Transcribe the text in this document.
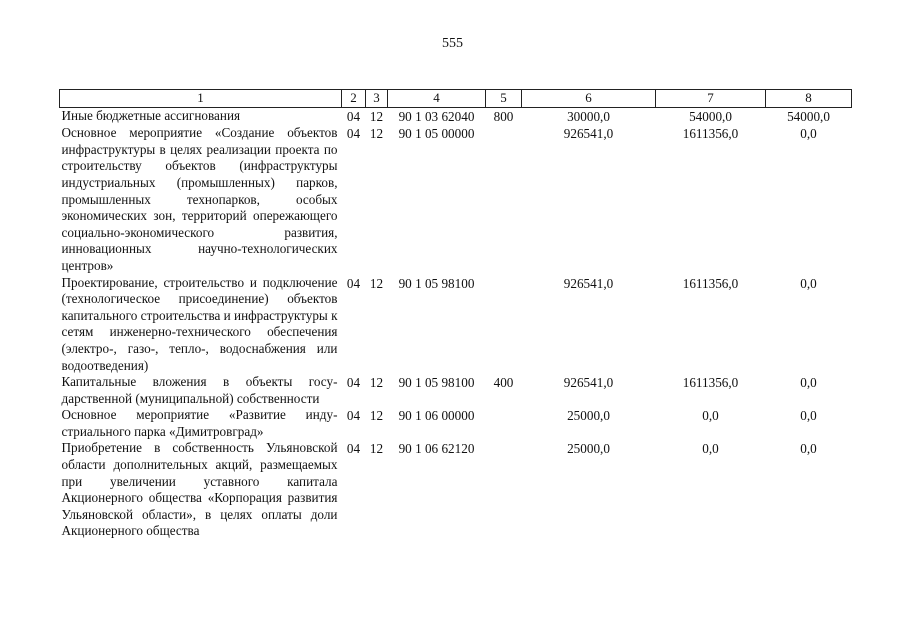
555
1	2	3	4	5	6	7	8
Иные бюджетные ассигнования	04	12	90 1 03 62040	800	30000,0	54000,0	54000,0
Основное мероприятие «Создание объектов инфраструктуры в целях реализации проекта по строительству объектов (инфраструктуры индустриальных (промышленных) парков, промышленных технопарков, особых экономических зон, территорий опережающего социально-экономического развития, инновационных научно-технологических центров»	04	12	90 1 05 00000		926541,0	1611356,0	0,0
Проектирование, строительство и подключение (технологическое присоединение) объектов капитального строительства и инфраструктуры к сетям инженерно-технического обеспечения (электро-, газо-, тепло-, водоснабжения или водоотведения)	04	12	90 1 05 98100		926541,0	1611356,0	0,0
Капитальные вложения в объекты государственной (муниципальной) собственности	04	12	90 1 05 98100	400	926541,0	1611356,0	0,0
Основное мероприятие «Развитие индустриального парка «Димитровград»	04	12	90 1 06 00000		25000,0	0,0	0,0
Приобретение в собственность Ульяновской области дополнительных акций, размещаемых при увеличении уставного капитала Акционерного общества «Корпорация развития Ульяновской области», в целях оплаты доли Акционерного общества	04	12	90 1 06 62120		25000,0	0,0	0,0
